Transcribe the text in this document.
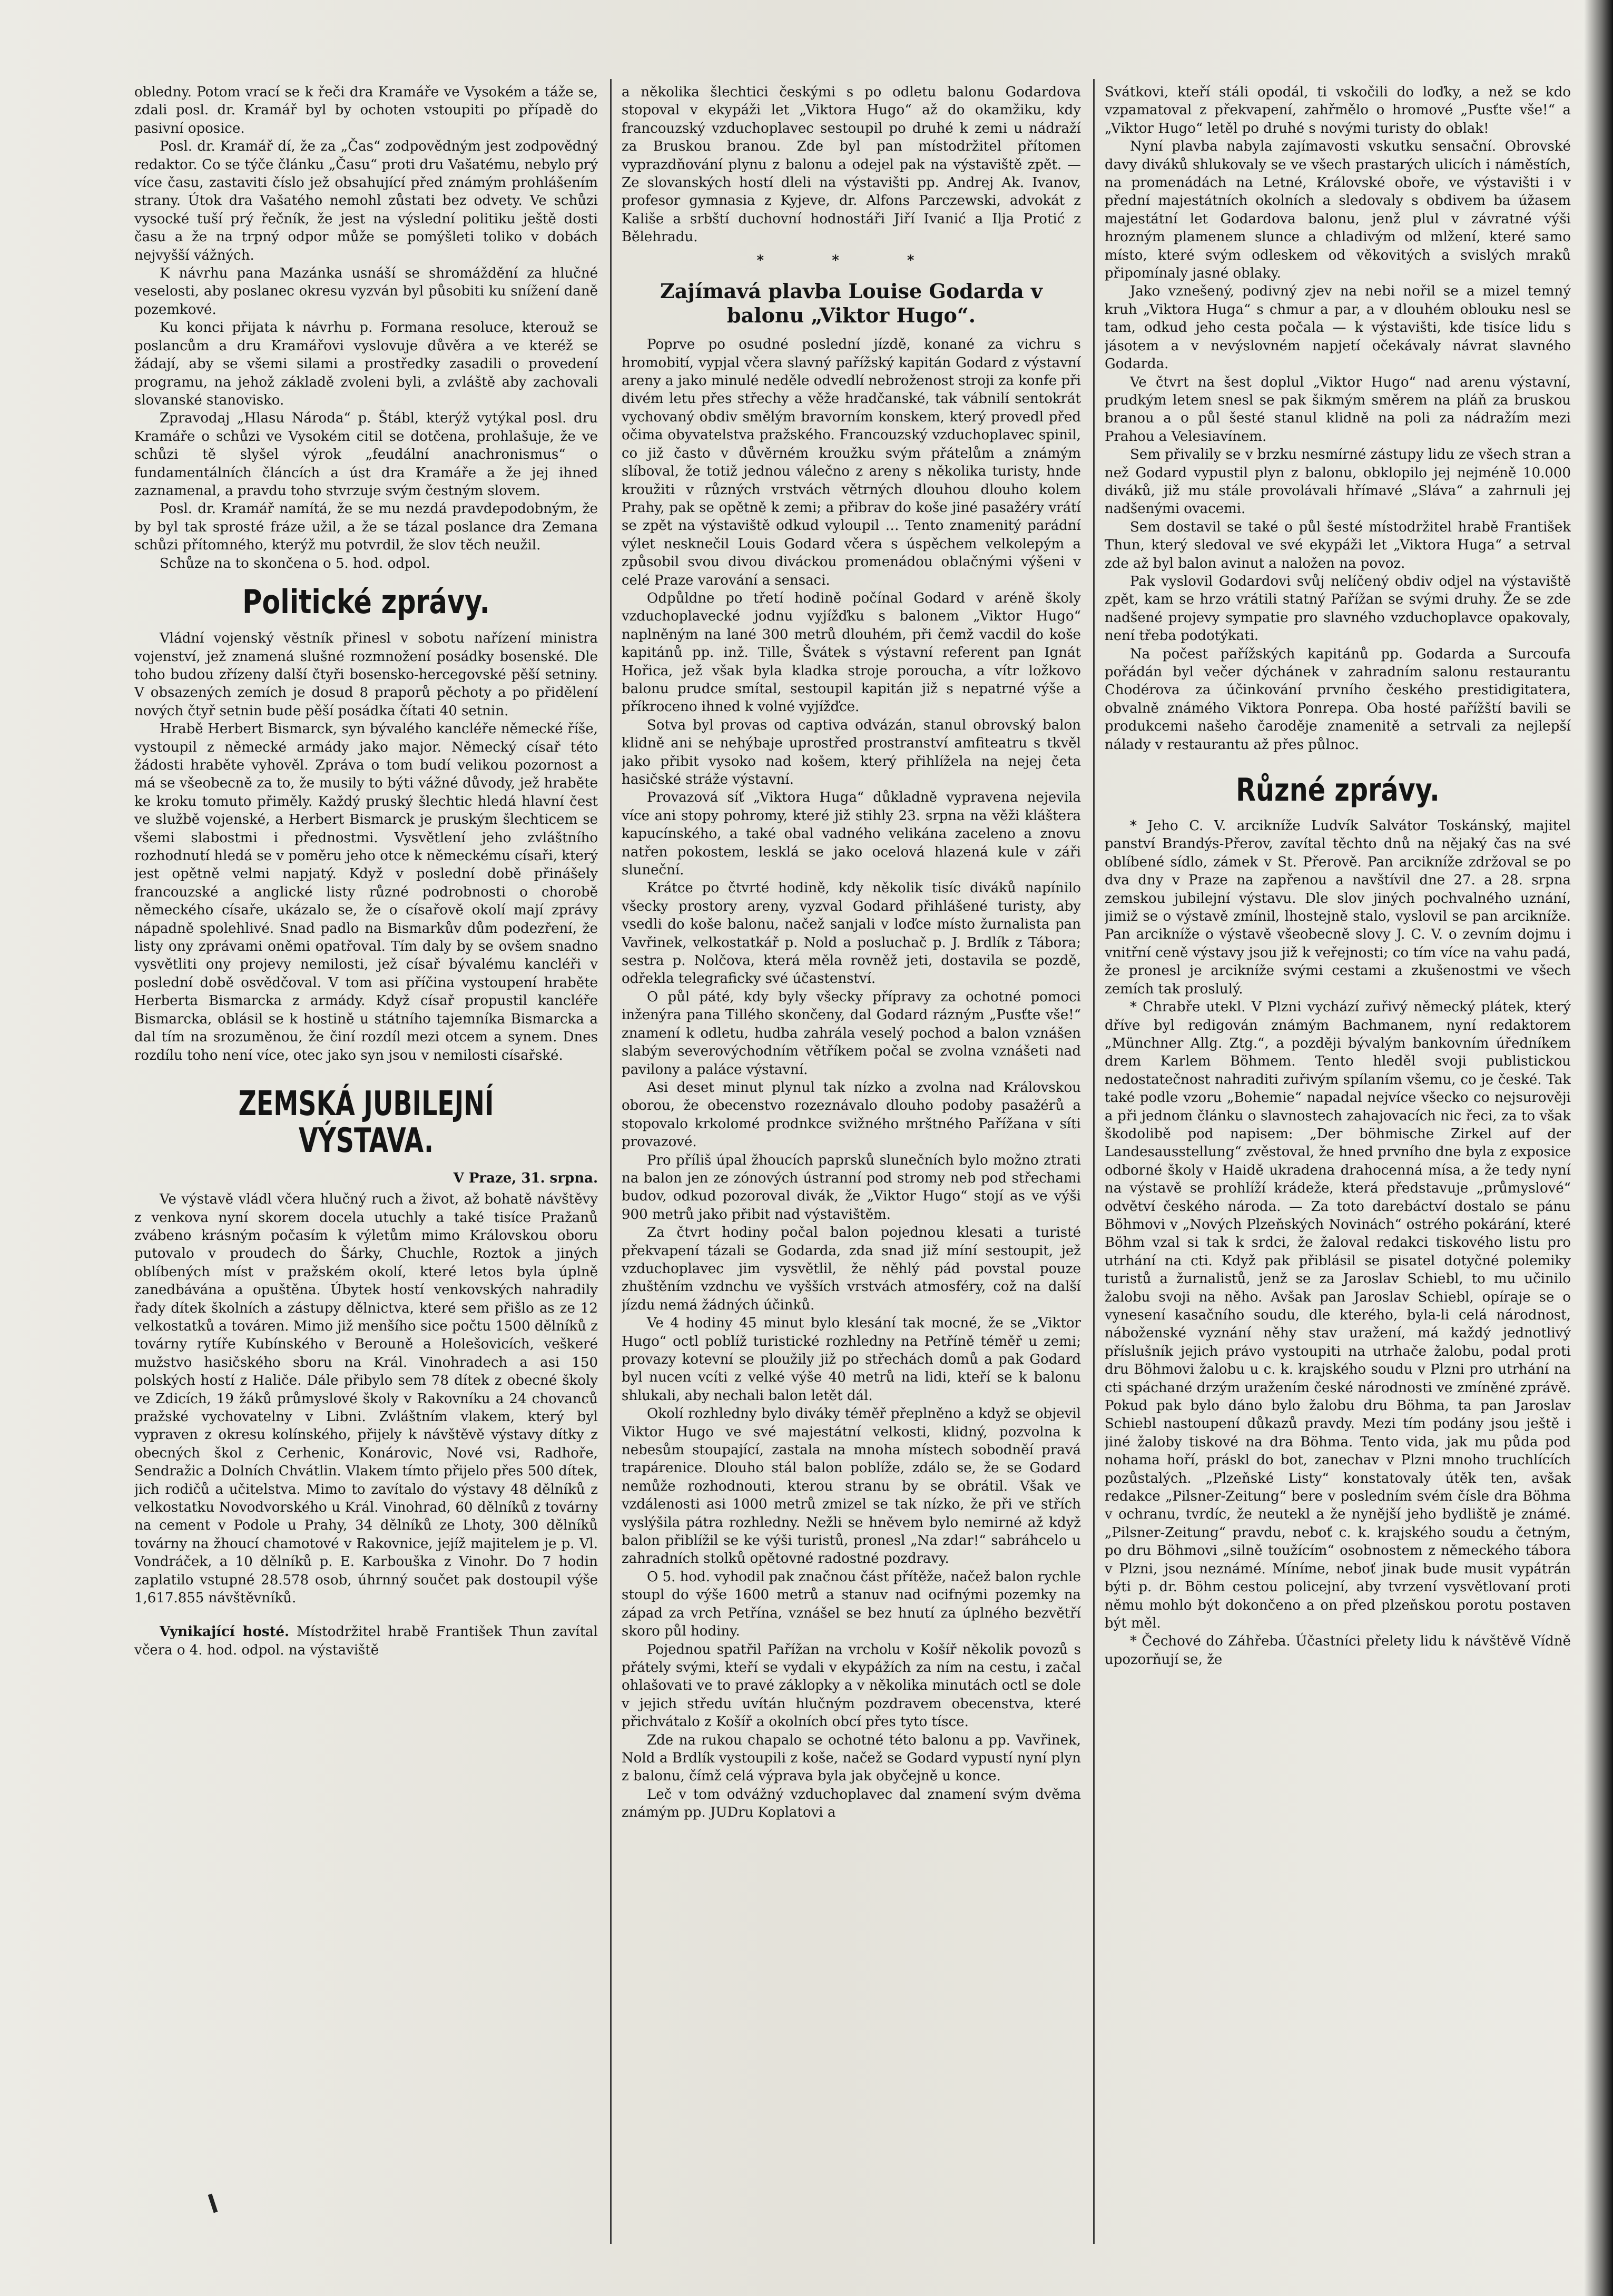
obledny. Potom vrací se k řeči dra Kramáře ve Vysokém a táže se, zdali posl. dr. Kramář byl by ochoten vstoupiti po případě do pasivní oposice.

Posl. dr. Kramář dí, že za „Čas“ zodpovědným jest zodpovědný redaktor. Co se týče článku „Času“ proti dru Vašatému, nebylo prý více času, zastaviti číslo jež obsahující před známým prohlášením strany. Útok dra Vašatého nemohl zůstati bez odvety. Ve schůzi vysocké tuší prý řečník, že jest na výslední politiku ještě dosti času a že na trpný odpor může se pomýšleti toliko v dobách nejvyšší vážných.

K návrhu pana Mazánka usnáší se shromáždění za hlučné veselosti, aby poslanec okresu vyzván byl působiti ku snížení daně pozemkové.

Ku konci přijata k návrhu p. Formana resoluce, kterouž se poslancům a dru Kramářovi vyslovuje důvěra a ve kteréž se žádají, aby se všemi silami a prostředky zasadili o provedení programu, na jehož základě zvoleni byli, a zvláště aby zachovali slovanské stanovisko.

Zpravodaj „Hlasu Národa“ p. Štábl, kterýž vytýkal posl. dru Kramáře o schůzi ve Vysokém citil se dotčena, prohlašuje, že ve schůzi tě slyšel výrok „feudální anachronismus“ o fundamentálních článcích a úst dra Kramáře a že jej ihned zaznamenal, a pravdu toho stvrzuje svým čestným slovem.

Posl. dr. Kramář namítá, že se mu nezdá pravdepodobným, že by byl tak sprosté fráze užil, a že se tázal poslance dra Zemana schůzi přítomného, kterýž mu potvrdil, že slov těch neužil.

Schůze na to skončena o 5. hod. odpol.

Politické zprávy.

Vládní vojenský věstník přinesl v sobotu nařízení ministra vojenství, jež znamená slušné rozmnožení posádky bosenské. Dle toho budou zřízeny další čtyři bosensko-hercegovské pěší setniny. V obsazených zemích je dosud 8 praporů pěchoty a po přidělení nových čtyř setnin bude pěší posádka čítati 40 setnin.

Hrabě Herbert Bismarck, syn bývalého kancléře německé říše, vystoupil z německé armády jako major. Německý císař této žádosti hraběte vyhověl. Zpráva o tom budí velikou pozornost a má se všeobecně za to, že musily to býti vážné důvody, jež hraběte ke kroku tomuto přiměly. Každý pruský šlechtic hledá hlavní čest ve službě vojenské, a Herbert Bismarck je pruským šlechticem se všemi slabostmi i přednostmi. Vysvětlení jeho zvláštního rozhodnutí hledá se v poměru jeho otce k německému císaři, který jest opětně velmi napjatý. Když v poslední době přinášely francouzské a anglické listy různé podrobnosti o chorobě německého císaře, ukázalo se, že o císařově okolí mají zprávy nápadně spolehlivé. Snad padlo na Bismarkův dům podezření, že listy ony zprávami oněmi opatřoval. Tím daly by se ovšem snadno vysvětliti ony projevy nemilosti, jež císař bývalému kancléři v poslední době osvědčoval. V tom asi příčina vystoupení hraběte Herberta Bismarcka z armády. Když císař propustil kancléře Bismarcka, oblásil se k hostině u státního tajemníka Bismarcka a dal tím na srozuměnou, že činí rozdíl mezi otcem a synem. Dnes rozdílu toho není více, otec jako syn jsou v nemilosti císařské.

ZEMSKÁ JUBILEJNÍ VÝSTAVA.
V Praze, 31. srpna.

Ve výstavě vládl včera hlučný ruch a život, až bohatě návštěvy z venkova nyní skorem docela utuchly a také tisíce Pražanů zvábeno krásným počasím k výletům mimo Královskou oboru putovalo v proudech do Šárky, Chuchle, Roztok a jiných oblíbených míst v pražském okolí, které letos byla úplně zanedbávána a opuštěna. Úbytek hostí venkovských nahradily řady dítek školních a zástupy dělnictva, které sem přišlo as ze 12 velkostatků a továren. Mimo již menšího sice počtu 1500 dělníků z továrny rytíře Kubínského v Berouně a Holešovicích, veškeré mužstvo hasičského sboru na Král. Vinohradech a asi 150 polských hostí z Haliče. Dále přibylo sem 78 dítek z obecné školy ve Zdicích, 19 žáků průmyslové školy v Rakovníku a 24 chovanců pražské vychovatelny v Libni. Zvláštním vlakem, který byl vypraven z okresu kolínského, přijely k návštěvě výstavy dítky z obecných škol z Cerhenic, Konárovic, Nové vsi, Radhoře, Sendražic a Dolních Chvátlin. Vlakem tímto přijelo přes 500 dítek, jich rodičů a učitelstva. Mimo to zavítalo do výstavy 48 dělníků z velkostatku Novodvorského u Král. Vinohrad, 60 dělníků z továrny na cement v Podole u Prahy, 34 dělníků ze Lhoty, 300 dělníků továrny na žhoucí chamotové v Rakovnice, jejíž majitelem je p. Vl. Vondráček, a 10 dělníků p. E. Karbouška z Vinohr. Do 7 hodin zaplatilo vstupné 28.578 osob, úhrnný součet pak dostoupil výše 1,617.855 návštěvníků.

Vynikající hosté. Místodržitel hrabě František Thun zavítal včera o 4. hod. odpol. na výstaviště

a několika šlechtici českými s po odletu balonu Godardova stopoval v ekypáži let „Viktora Hugo“ až do okamžiku, kdy francouzský vzduchoplavec sestoupil po druhé k zemi u nádraží za Bruskou branou. Zde byl pan místodržitel přítomen vyprazdňování plynu z balonu a odejel pak na výstaviště zpět. — Ze slovanských hostí dleli na výstavišti pp. Andrej Ak. Ivanov, profesor gymnasia z Kyjeve, dr. Alfons Parczewski, advokát z Kališe a srbští duchovní hodnostáři Jiří Ivanić a Ilja Protić z Bělehradu.

* * *
Zajímavá plavba Louise Godarda v balonu „Viktor Hugo“.

Poprve po osudné poslední jízdě, konané za vichru s hromobití, vypjal včera slavný pařížský kapitán Godard z výstavní areny a jako minulé neděle odvedlí nebroženost stroji za konfe při divém letu přes střechy a věže hradčanské, tak vábnilí sentokrát vychovaný obdiv smělým bravorním konskem, který provedl před očima obyvatelstva pražského. Francouzský vzduchoplavec spinil, co již často v důvěrném kroužku svým přátelům a známým slíboval, že totiž jednou válečno z areny s několika turisty, hnde kroužiti v různých vrstvách větrných dlouhou dlouho kolem Prahy, pak se opětně k zemi; a přibrav do koše jiné pasažéry vrátí se zpět na výstaviště odkud vyloupil … Tento znamenitý parádní výlet nesknečil Louis Godard včera s úspěchem velkolepým a způsobil svou divou diváckou promenádou oblačnými výšeni v celé Praze varování a sensaci.

Odpůldne po třetí hodině počínal Godard v aréně školy vzduchoplavecké jodnu vyjížďku s balonem „Viktor Hugo“ naplněným na lané 300 metrů dlouhém, při čemž vacdil do koše kapitánů pp. inž. Tille, Švátek s výstavní referent pan Ignát Hořica, jež však byla kladka stroje poroucha, a vítr ložkovo balonu prudce smítal, sestoupil kapitán již s nepatrné výše a příkrocenо ihned k volné vyjížďce.

Sotva byl provas od captiva odvázán, stanul obrovský balon klidně ani se nehýbaje uprostřed prostranství amfiteatru s tkvěl jako přibit vysoko nad košem, který přihlížela na nejej četa hasičské stráže výstavní.

Provazová síť „Viktora Huga“ důkladně vypravena nejevila více ani stopy pohromy, které již stihly 23. srpna na věži kláštera kapucínského, a také obal vadného velikána zaceleno a znovu natřen pokostem, lesklá se jako ocelová hlazená kule v záři sluneční.

Krátce po čtvrté hodině, kdy několik tisíc diváků napínilo všecky prostory areny, vyzval Godard přihlášené turisty, aby vsedli do koše balonu, načež sanjali v loďce místo žurnalista pan Vavřinek, velkostatkář p. Nold a posluchač p. J. Brdlík z Tábora; sestra p. Nolčova, která měla rovněž jeti, dostavila se pozdě, odřekla telegraficky své účastenství.

O půl páté, kdy byly všecky přípravy za ochotné pomoci inženýra pana Tillého skončeny, dal Godard rázným „Pusťte vše!“ znamení k odletu, hudba zahrála veselý pochod a balon vznášen slabým severovýchodním větříkem počal se zvolna vznášeti nad pavilony a paláce výstavní.

Asi deset minut plynul tak nízko a zvolna nad Královskou oborou, že obecenstvo rozeznávalo dlouho podoby pasažérů a stopovalo krkolomé prodnkce svižného mrštného Pařížana v síti provazové.

Pro příliš úpal žhoucích paprsků slunečních bylo možno ztrati na balon jen ze zónových ústranní pod stromy neb pod střechami budov, odkud pozoroval divák, že „Viktor Hugo“ stojí as ve výši 900 metrů jako přibit nad výstavištěm.

Za čtvrt hodiny počal balon pojednou klesati a turisté překvapení tázali se Godarda, zda snad již míní sestoupit, jež vzduchoplavec jim vysvětlil, že něhlý pád povstal pouze zhuštěním vzdnchu ve vyšších vrstvách atmosféry, což na další jízdu nemá žádných účinků.

Ve 4 hodiny 45 minut bylo klesání tak mocné, že se „Viktor Hugo“ octl poblíž turistické rozhledny na Petříně téměř u zemi; provazy kotevní se ploužily již po střechách domů a pak Godard byl nucen vcíti z velké výše 40 metrů na lidi, kteří se k balonu shlukali, aby nechali balon letět dál.

Okolí rozhledny bylo diváky téměř přeplněno a když se objevil Viktor Hugo ve své majestátní velkosti, klidný, pozvolna k nebesům stoupající, zastala na mnoha místech sobodněí pravá trapárenice. Dlouho stál balon poblíže, zdálo se, že se Godard nemůže rozhodnouti, kterou stranu by se obrátil. Však ve vzdálenosti asi 1000 metrů zmizel se tak nízko, že při ve střích vyslýšila pátra rozhledny. Nežli se hněvem bylo nemirné až když balon přiblížil se ke výši turistů, pronesl „Na zdar!“ sabráhcelo u zahradních stolků opětovné radostné pozdravy.

O 5. hod. vyhodil pak značnou část přítěže, načež balon rychle stoupl do výše 1600 metrů a stanuv nad ocifnými pozemky na západ za vrch Petřína, vznášel se bez hnutí za úplného bezvětří skoro půl hodiny.

Pojednou spatřil Pařížan na vrcholu v Košíř několik povozů s přátely svými, kteří se vydali v ekypážích za ním na cestu, i začal ohlašovati ve to pravé záklopky a v několika minutách octl se dole v jejich středu uvítán hlučným pozdravem obecenstva, které přichvátalo z Košíř a okolních obcí přes tyto tísce.

Zde na rukou chapalo se ochotné této balonu a pp. Vavřinek, Nold a Brdlík vystoupili z koše, načež se Godard vypustí nyní plyn z balonu, čímž celá výprava byla jak obyčejně u konce.

Leč v tom odvážný vzduchoplavec dal znamení svým dvěma známým pp. JUDru Koplatovi a

Svátkovi, kteří stáli opodál, ti vskočili do loďky, a než se kdo vzpamatoval z překvapení, zahřmělo o hromové „Pusťte vše!“ a „Viktor Hugo“ letěl po druhé s novými turisty do oblak!

Nyní plavba nabyla zajímavosti vskutku sensační. Obrovské davy diváků shlukovaly se ve všech prastarých ulicích i náměstích, na promenádách na Letné, Královské oboře, ve výstavišti i v přední majestátních okolních a sledovaly s obdivem ba úžasem majestátní let Godardova balonu, jenž plul v závratné výši hrozným plamenem slunce a chladivým od mlžení, které samo místo, které svým odleskem od věkovitých a svislých mraků připomínaly jasné oblaky.

Jako vznešený, podivný zjev na nebi nořil se a mizel temný kruh „Viktora Huga“ s chmur a par, a v dlouhém oblouku nesl se tam, odkud jeho cesta počala — k výstavišti, kde tisíce lidu s jásotem a v nevýslovném napjetí očekávaly návrat slavného Godarda.

Ve čtvrt na šest doplul „Viktor Hugo“ nad arenu výstavní, prudkým letem snesl se pak šikmým směrem na pláň za bruskou branou a o půl šesté stanul klidně na poli za nádražím mezi Prahou a Velesiavínem.

Sem přivalily se v brzku nesmírné zástupy lidu ze všech stran a než Godard vypustil plyn z balonu, obklopilo jej nejméně 10.000 diváků, již mu stále provolávali hřímavé „Sláva“ a zahrnuli jej nadšenými ovacemi.

Sem dostavil se také o půl šesté místodržitel hrabě František Thun, který sledoval ve své ekypáži let „Viktora Huga“ a setrval zde až byl balon avinut a naložen na povoz.

Pak vyslovil Godardovi svůj nelíčený obdiv odjel na výstaviště zpět, kam se hrzo vrátili statný Pařížan se svými druhy. Že se zde nadšené projevy sympatie pro slavného vzduchoplavce opakovaly, není třeba podotýkati.

Na počest pařížských kapitánů pp. Godarda a Surcoufa pořádán byl večer dýchánek v zahradním salonu restaurantu Chodérova za účinkování prvního českého prestidigitatera, obvalně známého Viktora Ponrepa. Oba hosté pařížští bavili se produkcemi našeho čaroděje znamenitě a setrvali za nejlepší nálady v restaurantu až přes půlnoc.

Různé zprávy.

* Jeho C. V. arcikníže Ludvík Salvátor Toskánský, majitel panství Brandýs-Přerov, zavítal těchto dnů na nějaký čas na své oblíbené sídlo, zámek v St. Přerově. Pan arcikníže zdržoval se po dva dny v Praze na zapřenou a navštívil dne 27. a 28. srpna zemskou jubilejní výstavu. Dle slov jiných pochvalného uznání, jimiž se o výstavě zmínil, lhostejně stalo, vyslovil se pan arcikníže. Pan arcikníže o výstavě všeobecně slovy J. C. V. o zevním dojmu i vnitřní ceně výstavy jsou již k veřejnosti; co tím více na vahu padá, že pronesl je arcikníže svými cestami a zkušenostmi ve všech zemích tak proslulý.

* Chrabře utekl. V Plzni vychází zuřivý německý plátek, který dříve byl redigován známým Bachmanem, nyní redaktorem „Münchner Allg. Ztg.“, a později bývalým bankovním úředníkem drem Karlem Böhmem. Tento hleděl svoji publistickou nedostatečnost nahraditi zuřivým spílaním všemu, co je české. Tak také podle vzoru „Bohemie“ napadal nejvíce všecko co nejsurověji a při jednom článku o slavnostech zahajovacích nic řeci, za to však škodolibě pod napisem: „Der böhmische Zirkel auf der Landesausstellung“ zvěstoval, že hned prvního dne byla z exposice odborné školy v Haidě ukradena drahocenná mísa, a že tedy nyní na výstavě se prohlíží krádeže, která představuje „průmyslové“ odvětví českého národa. — Za toto darebáctví dostalo se pánu Böhmovi v „Nových Plzeňských Novinách“ ostrého pokárání, které Böhm vzal si tak k srdci, že žaloval redakci tiskového listu pro utrhání na cti. Když pak přiblásil se pisatel dotyčné polemiky turistů a žurnalistů, jenž se za Jaroslav Schiebl, to mu učinilo žalobu svoji na něho. Avšak pan Jaroslav Schiebl, opíraje se o vynesení kasačního soudu, dle kterého, byla-li celá národnost, náboženské vyznání něhy stav uražení, má každý jednotlivý příslušník jejich právo vystoupiti na utrhače žalobu, podal proti dru Böhmovi žalobu u c. k. krajského soudu v Plzni pro utrhání na cti spáchané drzým uražením české národnosti ve zmíněné zprávě. Pokud pak bylo dáno bylo žalobu dru Böhma, ta pan Jaroslav Schiebl nastoupení důkazů pravdy. Mezi tím podány jsou ještě i jiné žaloby tiskové na dra Böhma. Tento vida, jak mu půda pod nohama hoří, práskl do bot, zanechav v Plzni mnoho truchlících pozůstalých. „Plzeňské Listy“ konstatovaly útěk ten, avšak redakce „Pilsner-Zeitung“ bere v posledním svém čísle dra Böhma v ochranu, tvrdíc, že neutekl a že nynější jeho bydliště je známé. „Pilsner-Zeitung“ pravdu, neboť c. k. krajského soudu a četným, po dru Böhmovi „silně toužícím“ osobnostem z německého tábora v Plzni, jsou neznámé. Míníme, neboť jinak bude musit vypátrán býti p. dr. Böhm cestou policejní, aby tvrzení vysvětlovaní proti němu mohlo být dokončeno a on před plzeňskou porotu postaven být měl.

* Čechové do Záhřeba. Účastníci přelety lidu k návštěvě Vídně upozorňují se, že
